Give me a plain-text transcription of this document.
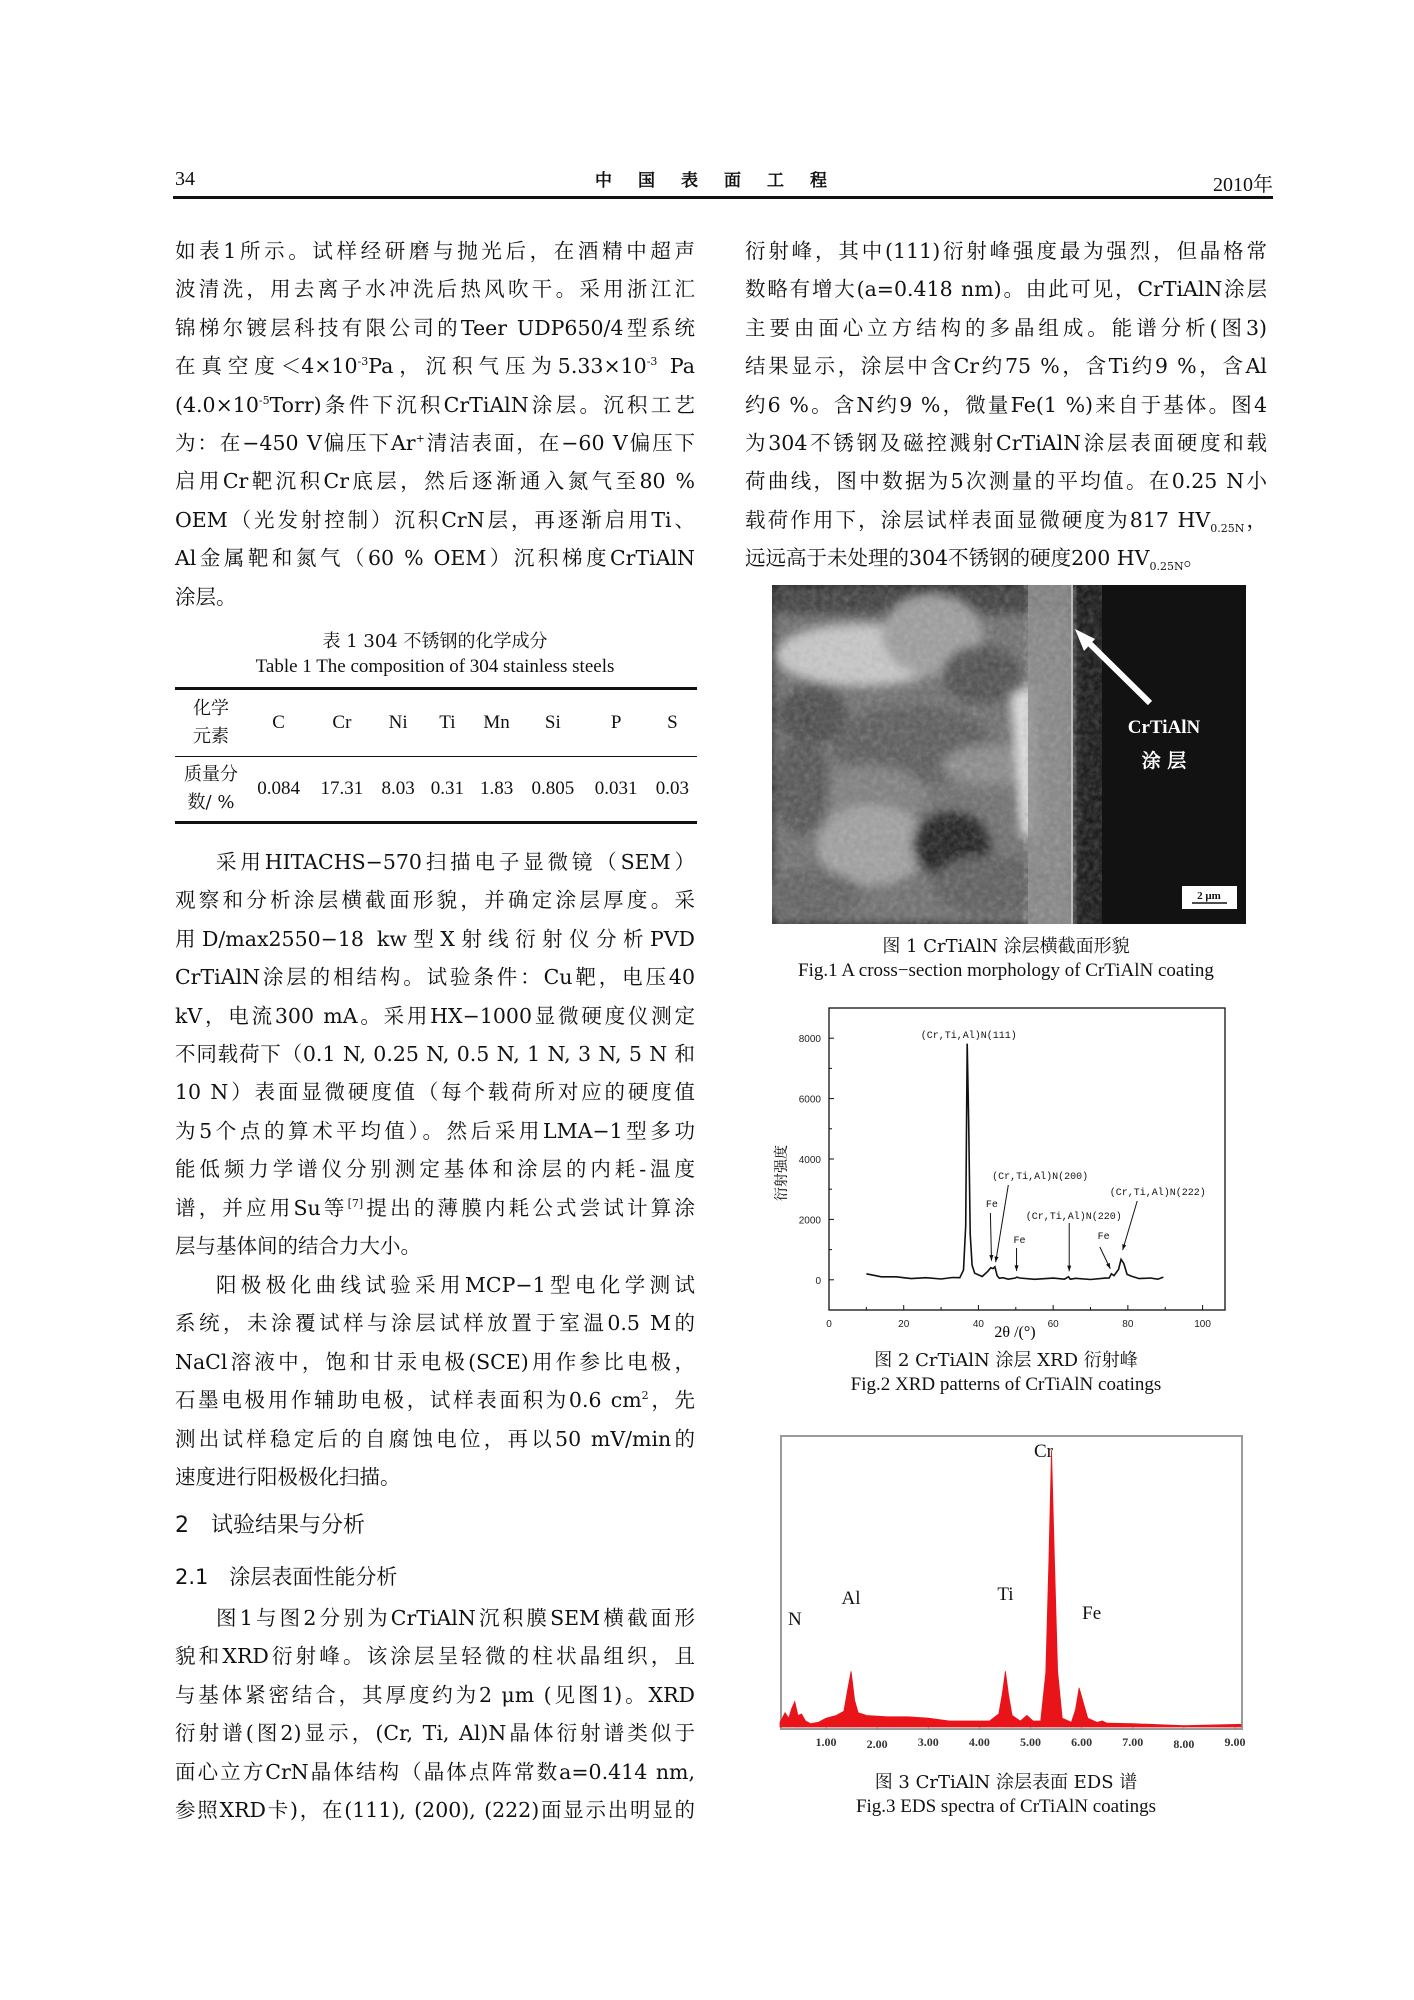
34	中国表面工程	2010年

如表1所示。试样经研磨与抛光后，在酒精中超声

波清洗，用去离子水冲洗后热风吹干。采用浙江汇

锦梯尔镀层科技有限公司的Teer UDP650/4型系统

在真空度$<4\times 10^{-3}Pa$，沉积气压为$5.33\times 10^{-3}$ Pa

$(4.0\times 10^{-5}Torr)$条件下沉积CrTiAlN涂层。沉积工艺

为：在−450 V偏压下Ar+清洁表面，在−60 V偏压下

启用Cr靶沉积Cr底层，然后逐渐通入氮气至80 %

OEM（光发射控制）沉积CrN层，再逐渐启用Ti、

Al金属靶和氮气（60 % OEM）沉积梯度CrTiAlN

涂层。

表 1 304 不锈钢的化学成分
Table 1 The composition of 304 stainless steels
化学
元素	C	Cr	Ni	Ti	Mn	Si	P	S
质量分
数/ %	0.084	17.31	8.03	0.31	1.83	0.805	0.031	0.03

采用HITACHS−570扫描电子显微镜（SEM）

观察和分析涂层横截面形貌，并确定涂层厚度。采

用D/max2550−18 kw型X射线衍射仪分析PVD

CrTiAlN涂层的相结构。试验条件：Cu靶，电压40

kV，电流300 mA。采用HX−1000显微硬度仪测定

不同载荷下（0.1 N, 0.25 N, 0.5 N, 1 N, 3 N, 5 N 和

10 N）表面显微硬度值（每个载荷所对应的硬度值

为5个点的算术平均值）。然后采用LMA−1型多功

能低频力学谱仪分别测定基体和涂层的内耗-温度

谱，并应用Su等[7]提出的薄膜内耗公式尝试计算涂

层与基体间的结合力大小。

阳极极化曲线试验采用MCP−1型电化学测试

系统，未涂覆试样与涂层试样放置于室温0.5 M的

NaCl溶液中，饱和甘汞电极(SCE)用作参比电极，

石墨电极用作辅助电极，试样表面积为0.6 $cm^2$，先

测出试样稳定后的自腐蚀电位，再以50 mV/min的

速度进行阳极极化扫描。

2　试验结果与分析
2.1　涂层表面性能分析

图1与图2分别为CrTiAlN沉积膜SEM横截面形

貌和XRD衍射峰。该涂层呈轻微的柱状晶组织，且

与基体紧密结合，其厚度约为2 μm (见图1)。XRD

衍射谱(图2)显示，(Cr, Ti, Al)N晶体衍射谱类似于

面心立方CrN晶体结构（晶体点阵常数a=0.414 nm,

参照XRD卡)，在(111), (200), (222)面显示出明显的

衍射峰，其中(111)衍射峰强度最为强烈，但晶格常

数略有增大(a=0.418 nm)。由此可见，CrTiAlN涂层

主要由面心立方结构的多晶组成。能谱分析(图3)

结果显示，涂层中含Cr约75 %，含Ti约9 %，含Al

约6 %。含N约9 %，微量Fe(1 %)来自于基体。图4

为304不锈钢及磁控溅射CrTiAlN涂层表面硬度和载

荷曲线，图中数据为5次测量的平均值。在0.25 N小

载荷作用下，涂层试样表面显微硬度为817 $HV_{0.25N}$，

远远高于未处理的304不锈钢的硬度200 $HV_{0.25N}$。

CrTiAlN
涂 层
2 μm
图 1 CrTiAlN 涂层横截面形貌
Fig.1 A cross−section morphology of CrTiAlN coating
0
2000
4000
6000
8000
0	20	40	60	80	100
(Cr,Ti,Al)N(111)
Fe
(Cr,Ti,Al)N(200)
Fe
(Cr,Ti,Al)N(220)
Fe
(Cr,Ti,Al)N(222)
衍射强度
2θ /(°)
图 2 CrTiAlN 涂层 XRD 衍射峰
Fig.2 XRD patterns of CrTiAlN coatings
1.00	2.00	3.00	4.00	5.00	6.00	7.00	8.00	9.00
N
Al	Ti
Cr
Fe
图 3 CrTiAlN 涂层表面 EDS 谱
Fig.3 EDS spectra of CrTiAlN coatings
